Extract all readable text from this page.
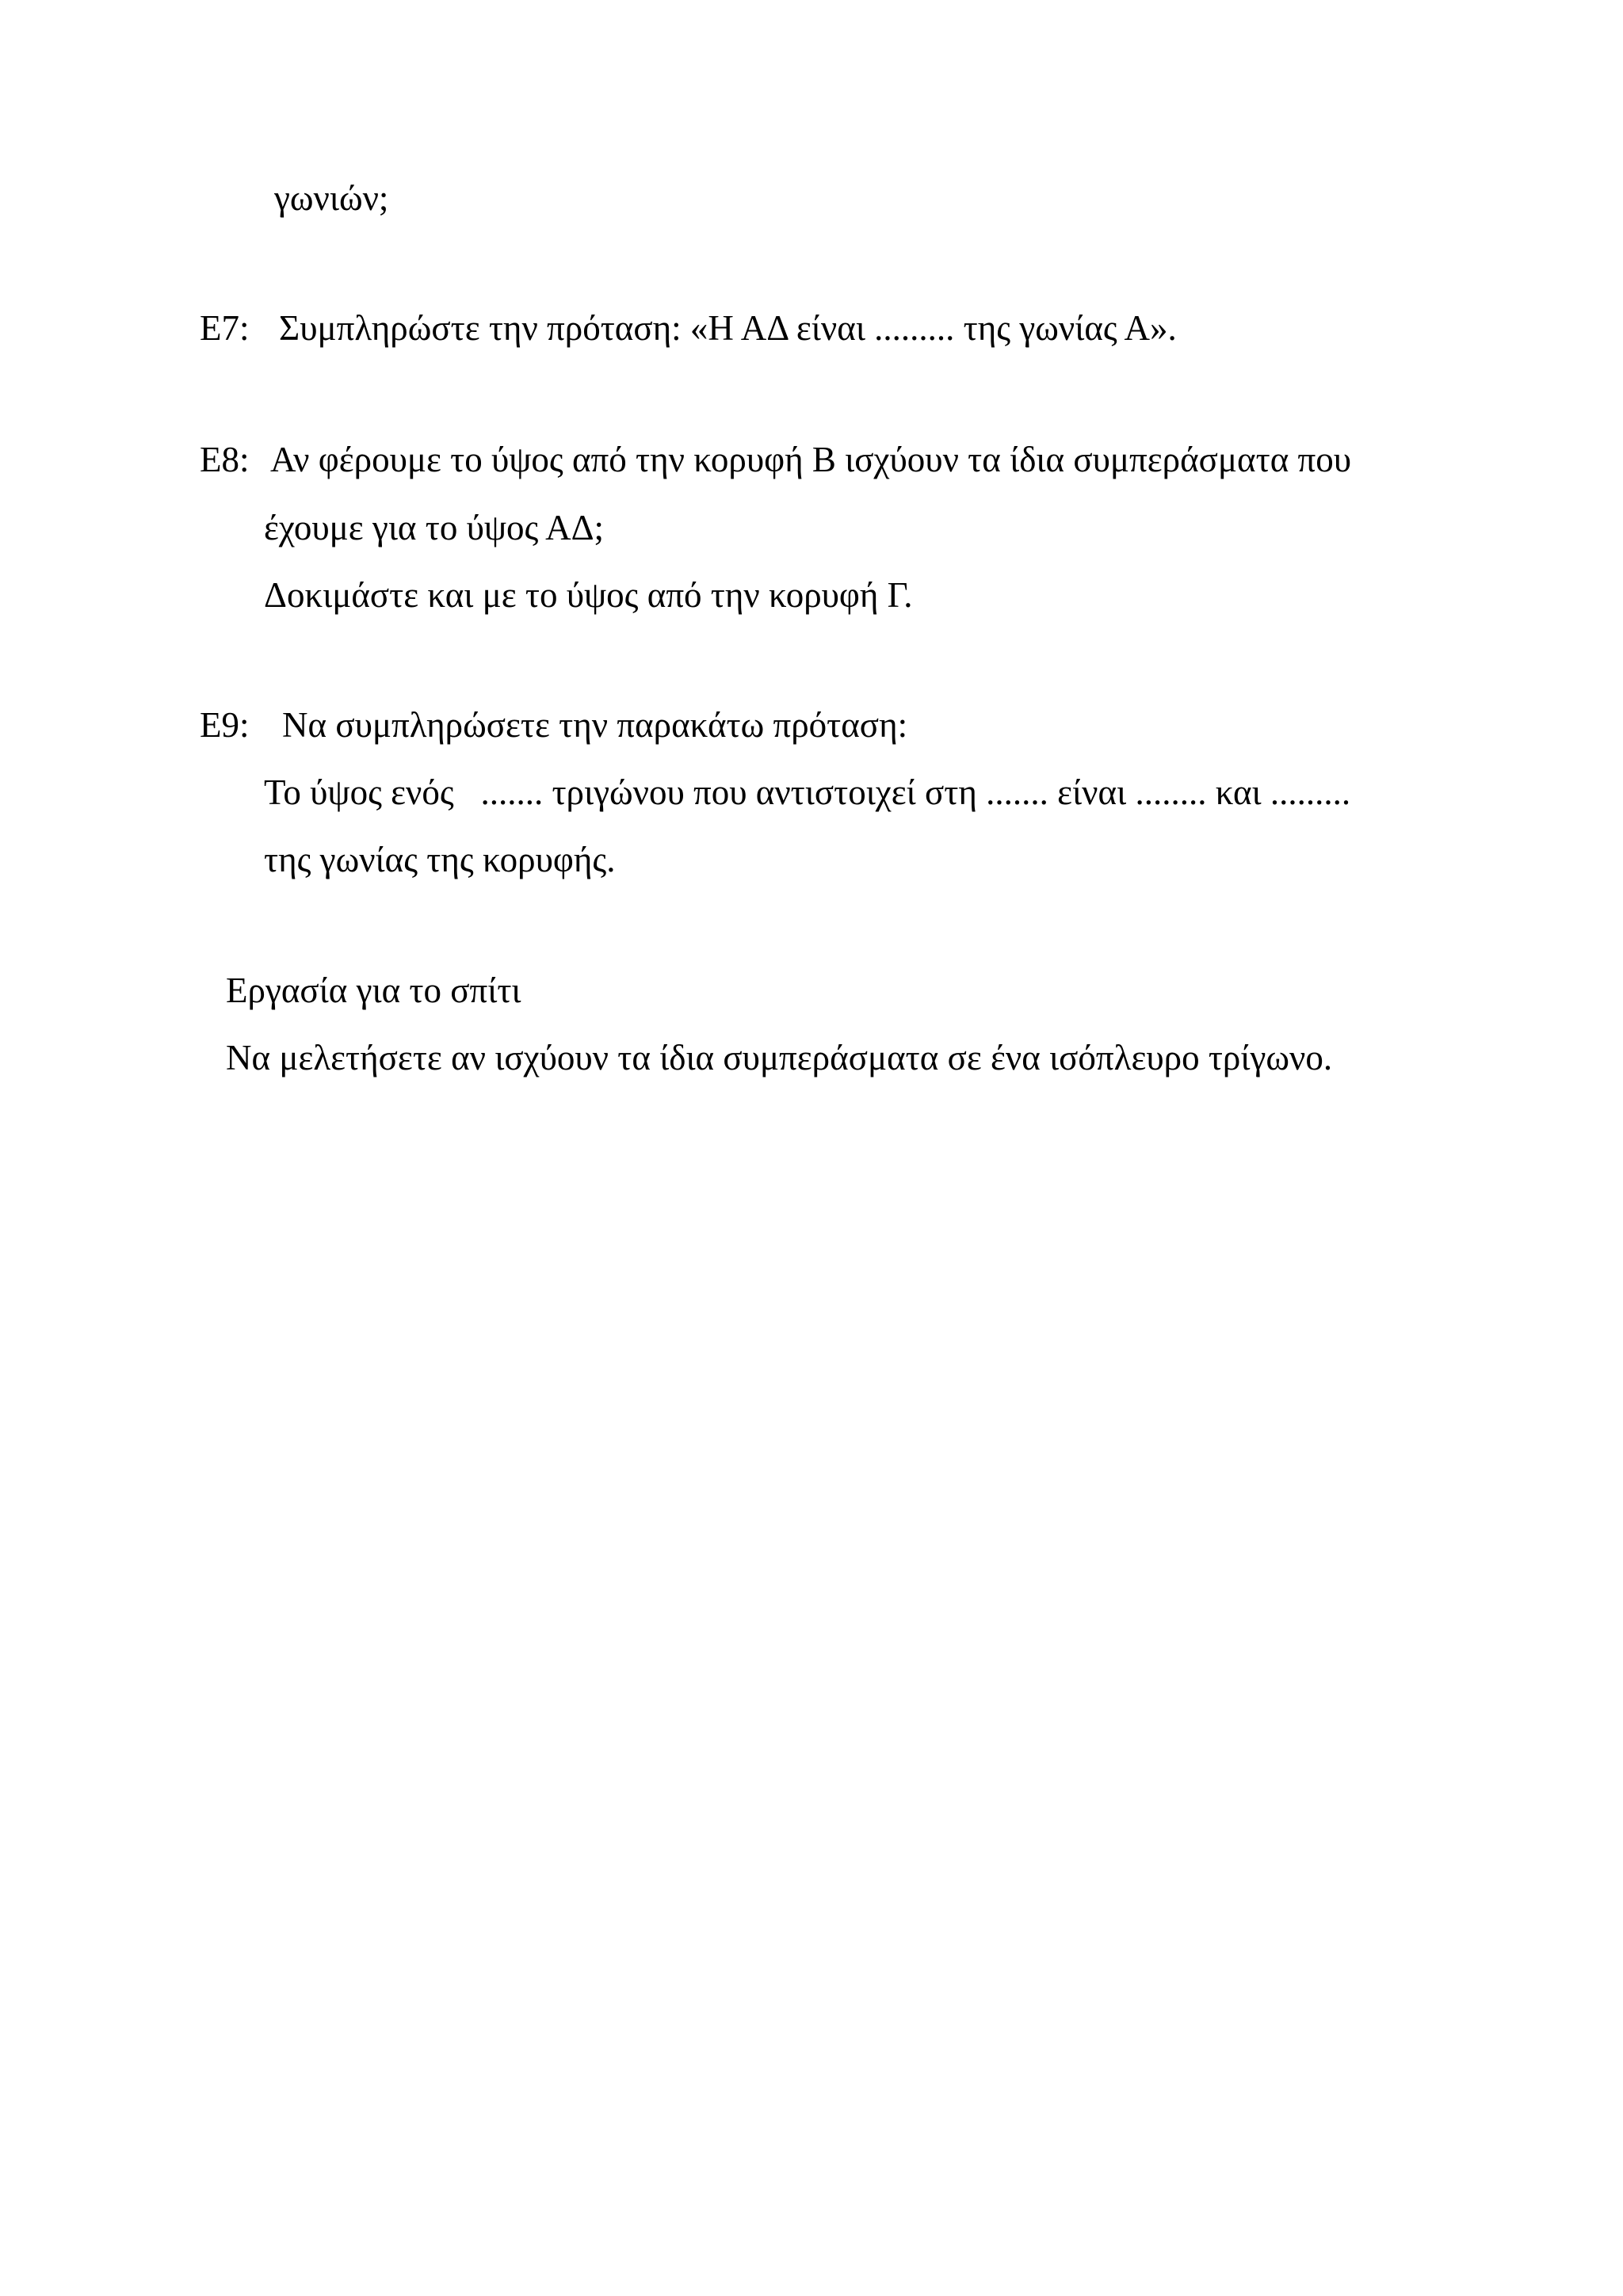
γωνιών;

Ε7: Συμπληρώστε την πρόταση: «Η ΑΔ είναι ......... της γωνίας Α».

Ε8: Αν φέρουμε το ύψος από την κορυφή Β ισχύουν τα ίδια συμπεράσματα που

έχουμε για το ύψος ΑΔ;

Δοκιμάστε και με το ύψος από την κορυφή Γ.

Ε9: Να συμπληρώσετε την παρακάτω πρόταση:

Το ύψος ενός   ....... τριγώνου που αντιστοιχεί στη ....... είναι ........ και .........

της γωνίας της κορυφής.

Εργασία για το σπίτι

Να μελετήσετε αν ισχύουν τα ίδια συμπεράσματα σε ένα ισόπλευρο τρίγωνο.
